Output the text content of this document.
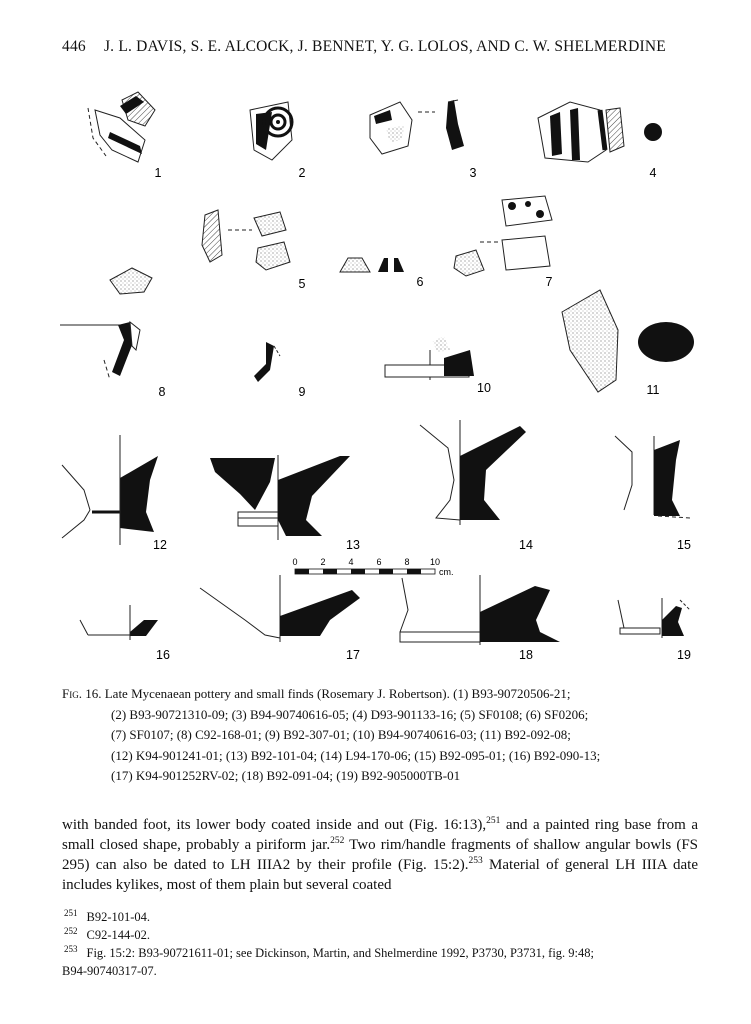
446 J. L. DAVIS, S. E. ALCOCK, J. BENNET, Y. G. LOLOS, AND C. W. SHELMERDINE
0	2	4	6	8 10
cm.
1	2	3	4
5	6	7
8	9	10	11
12	13	14	15
16	17	18	19
Fig. 16. Late Mycenaean pottery and small finds (Rosemary J. Robertson). (1) B93-90720506-21;
(2) B93-90721310-09; (3) B94-90740616-05; (4) D93-901133-16; (5) SF0108; (6) SF0206;
(7) SF0107; (8) C92-168-01; (9) B92-307-01; (10) B94-90740616-03; (11) B92-092-08;
(12) K94-901241-01; (13) B92-101-04; (14) L94-170-06; (15) B92-095-01; (16) B92-090-13;
(17) K94-901252RV-02; (18) B92-091-04; (19) B92-905000TB-01

with banded foot, its lower body coated inside and out (Fig. 16:13),$^{251}$ and a painted ring base from a small closed shape, probably a piriform jar.$^{252}$ Two rim/handle fragments of shallow angular bowls (FS 295) can also be dated to LH IIIA2 by their profile (Fig. 15:2).$^{253}$ Material of general LH IIIA date includes kylikes, most of them plain but several coated

$^{251}$ B92-101-04.
$^{252}$ C92-144-02.
$^{253}$ Fig. 15:2: B93-90721611-01; see Dickinson, Martin, and Shelmerdine 1992, P3730, P3731, fig. 9:48;
B94-90740317-07.
